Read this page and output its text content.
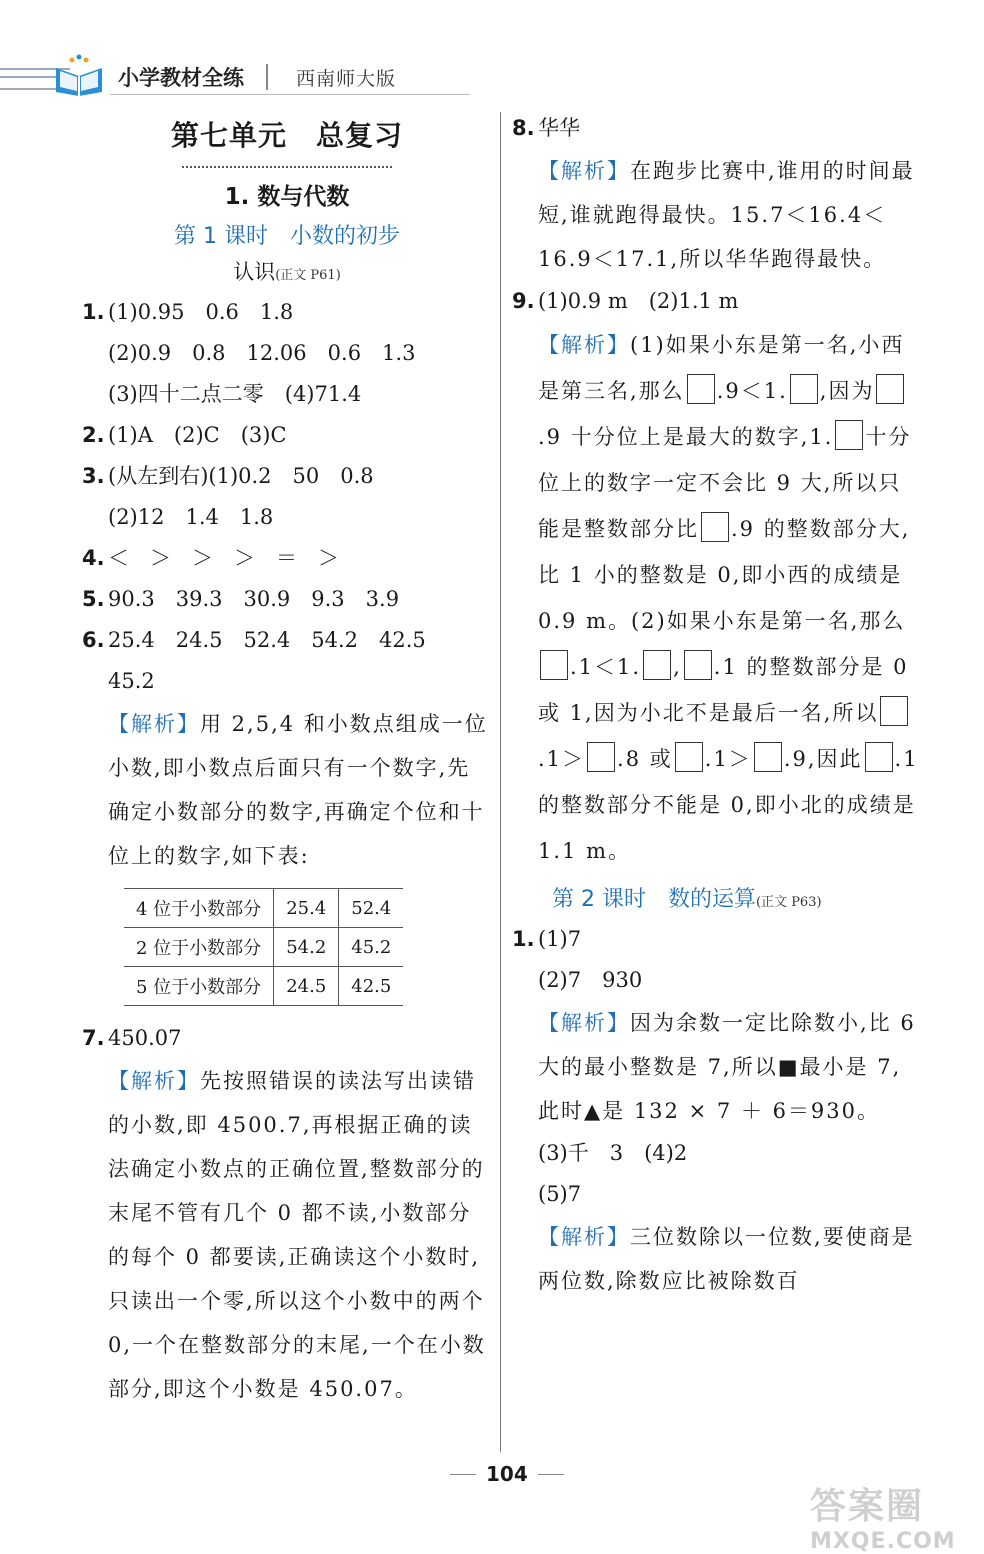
小学教材全练	西南师大版
第七单元　总复习
1. 数与代数
第 1 课时　小数的初步
认识(正文 P61)
1. (1)0.95　0.6　1.8
(2)0.9　0.8　12.06　0.6　1.3
(3)四十二点二零　(4)71.4
2. (1)A　(2)C　(3)C
3. (从左到右)(1)0.2　50　0.8
(2)12　1.4　1.8
4. ＜　＞　＞　＞　＝　＞
5. 90.3　39.3　30.9　9.3　3.9
6. 25.4　24.5　52.4　54.2　42.5
45.2
【解析】用 2,5,4 和小数点组成一位小数,即小数点后面只有一个数字,先确定小数部分的数字,再确定个位和十位上的数字,如下表:
4 位于小数部分	25.4	52.4
2 位于小数部分	54.2	45.2
5 位于小数部分	24.5	42.5
7. 450.07
【解析】先按照错误的读法写出读错的小数,即 4500.7,再根据正确的读法确定小数点的正确位置,整数部分的末尾不管有几个 0 都不读,小数部分的每个 0 都要读,正确读这个小数时,只读出一个零,所以这个小数中的两个 0,一个在整数部分的末尾,一个在小数部分,即这个小数是 450.07。
8. 华华
【解析】在跑步比赛中,谁用的时间最短,谁就跑得最快。15.7＜16.4＜16.9＜17.1,所以华华跑得最快。
9. (1)0.9 m　(2)1.1 m
【解析】(1)如果小东是第一名,小西是第三名,那么 .9＜1. ,因为.9 十分位上是最大的数字,1. 十分位上的数字一定不会比 9 大,所以只能是整数部分比 .9 的整数部分大,比 1 小的整数是 0,即小西的成绩是 0.9 m。(2)如果小东是第一名,那么.1＜1. , .1 的整数部分是 0 或 1,因为小北不是最后一名,所以.1＞ .8 或 .1＞ .9,因此 .1 的整数部分不能是 0,即小北的成绩是 1.1 m。
第 2 课时　数的运算(正文 P63)
1. (1)7
(2)7　930
【解析】因为余数一定比除数小,比 6 大的最小整数是 7,所以■最小是 7,此时▲是 132 × 7 ＋ 6＝930。
(3)千　3　(4)2
(5)7
【解析】三位数除以一位数,要使商是两位数,除数应比被除数百
104
答案圈
MXQE.COM
